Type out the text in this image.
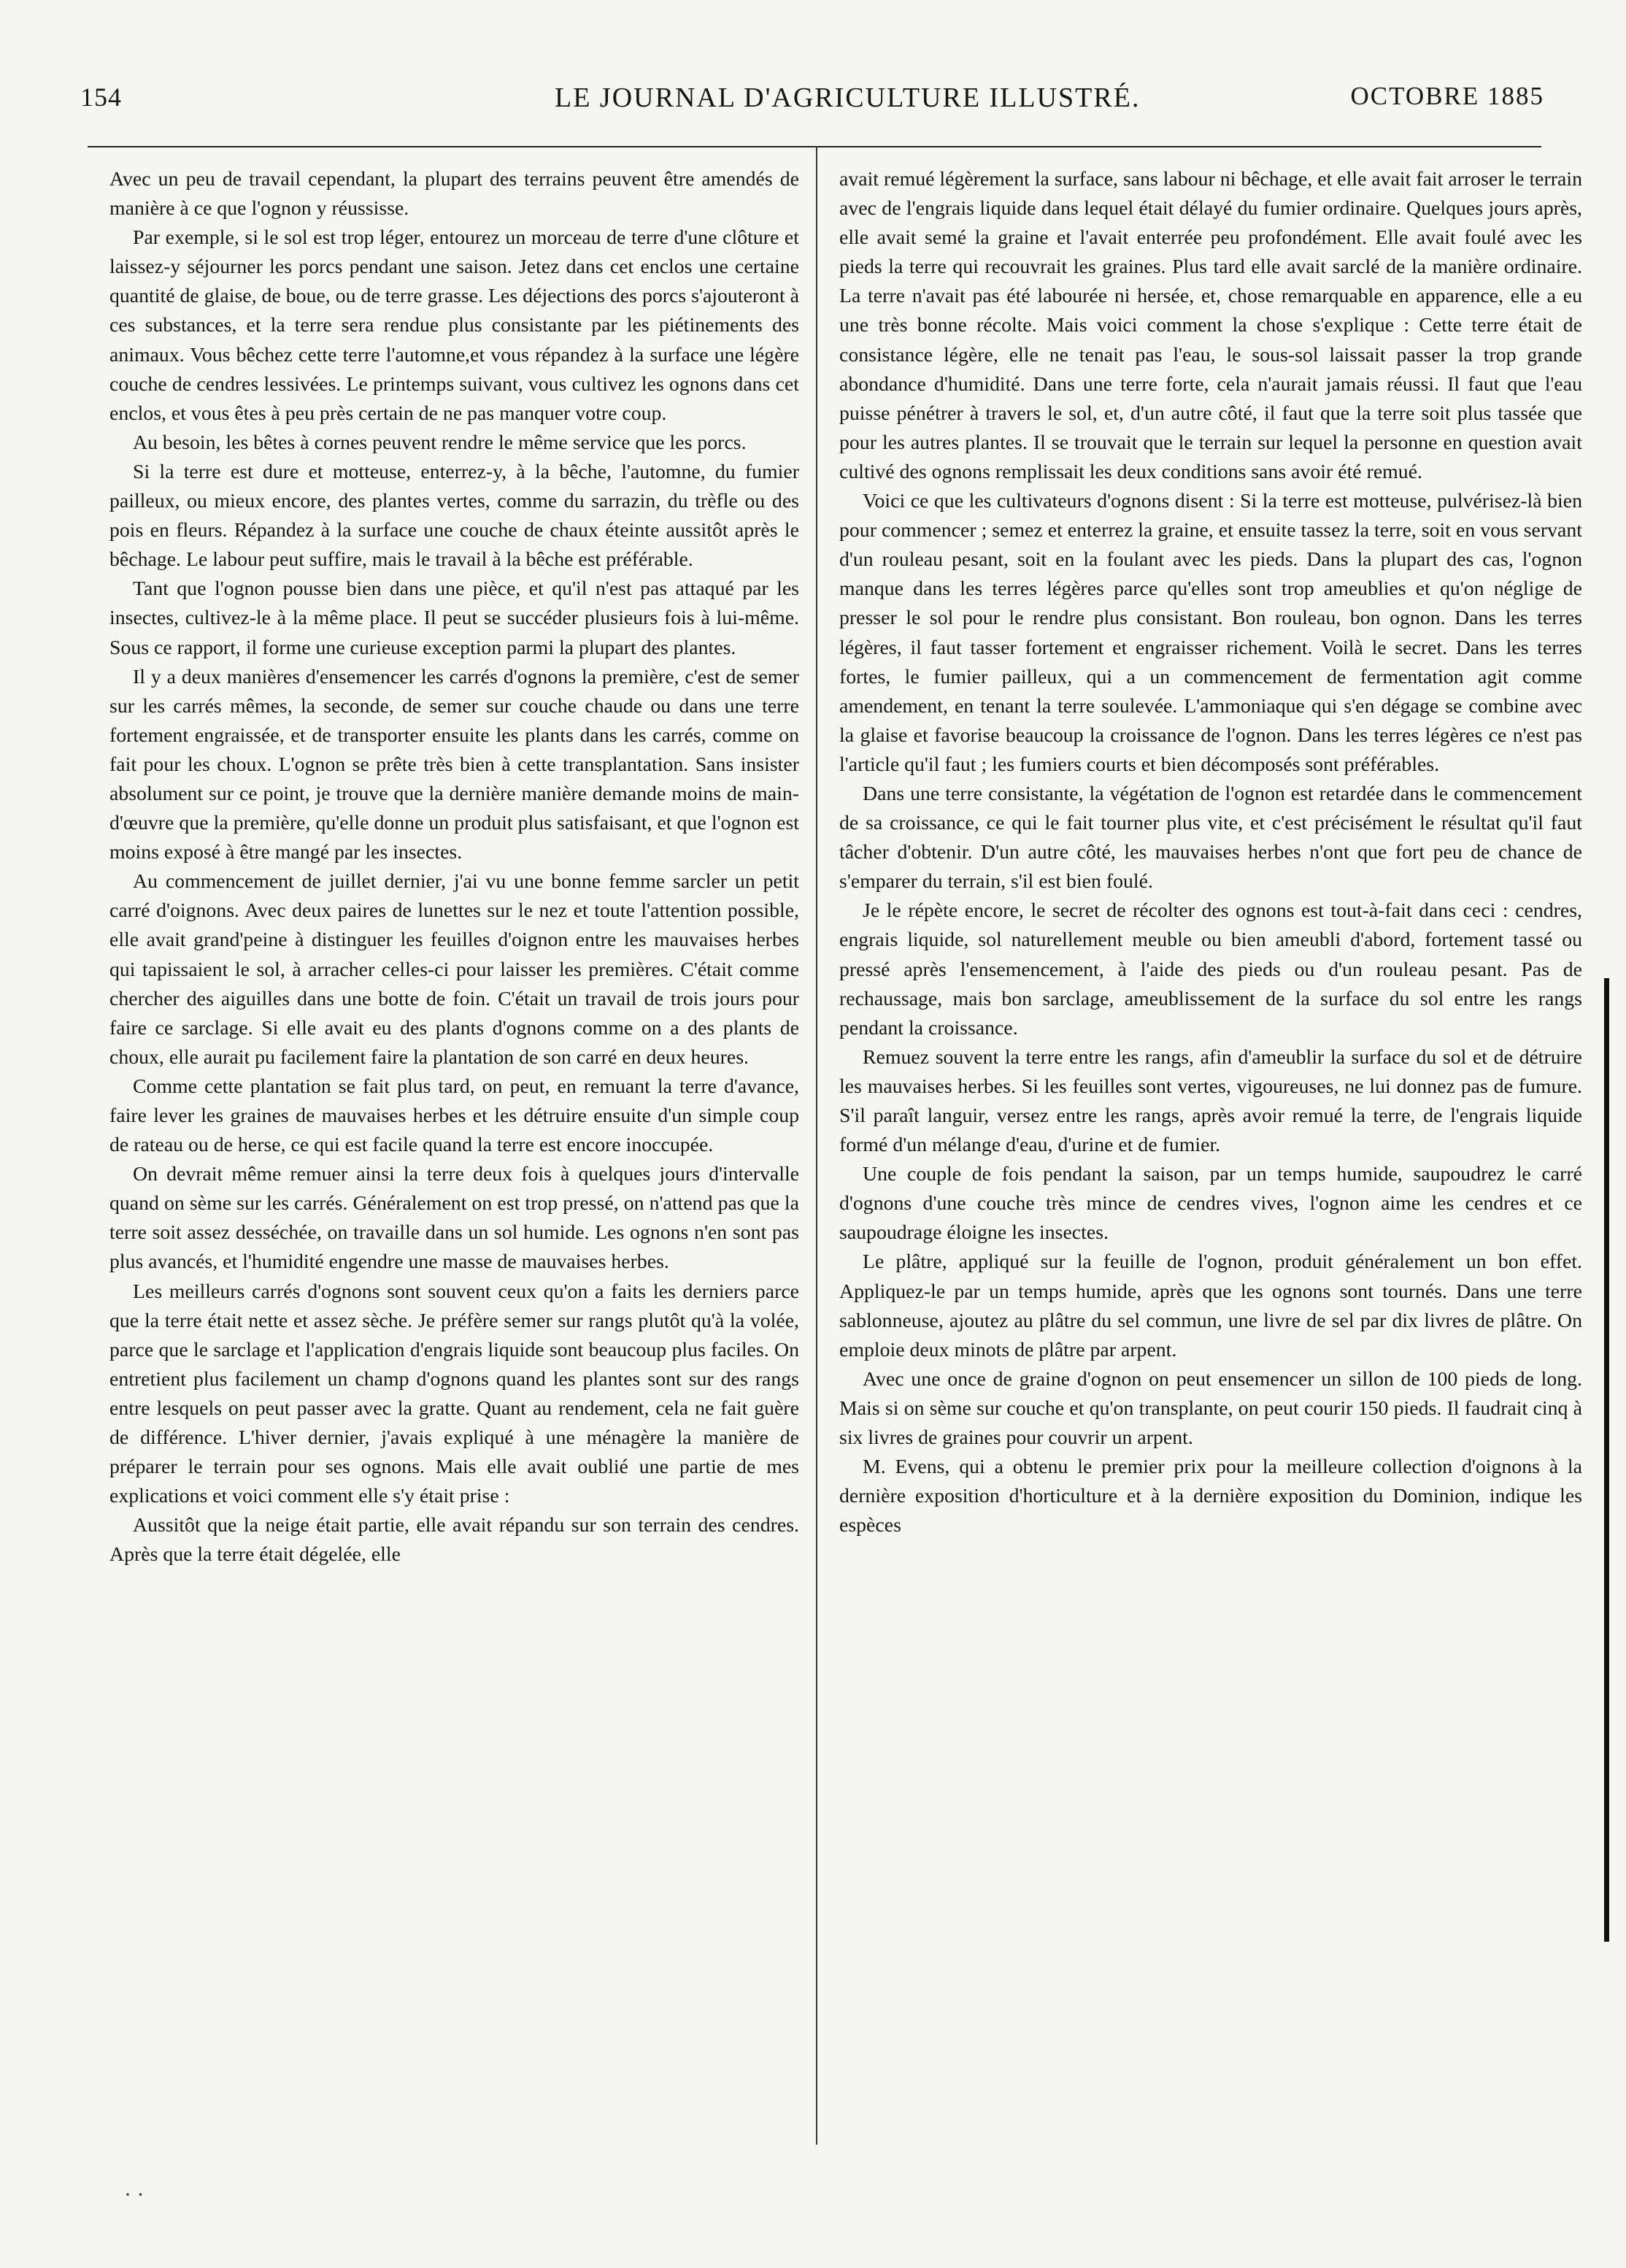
154	LE JOURNAL D'AGRICULTURE ILLUSTRÉ.	OCTOBRE 1885

Avec un peu de travail cependant, la plupart des terrains peuvent être amendés de manière à ce que l'ognon y réussisse.

Par exemple, si le sol est trop léger, entourez un morceau de terre d'une clôture et laissez-y séjourner les porcs pendant une saison. Jetez dans cet enclos une certaine quantité de glaise, de boue, ou de terre grasse. Les déjections des porcs s'ajouteront à ces substances, et la terre sera rendue plus consistante par les piétinements des animaux. Vous bêchez cette terre l'automne,et vous répandez à la surface une légère couche de cendres lessivées. Le printemps suivant, vous cultivez les ognons dans cet enclos, et vous êtes à peu près certain de ne pas manquer votre coup.

Au besoin, les bêtes à cornes peuvent rendre le même service que les porcs.

Si la terre est dure et motteuse, enterrez-y, à la bêche, l'automne, du fumier pailleux, ou mieux encore, des plantes vertes, comme du sarrazin, du trèfle ou des pois en fleurs. Répandez à la surface une couche de chaux éteinte aussitôt après le bêchage. Le labour peut suffire, mais le travail à la bêche est préférable.

Tant que l'ognon pousse bien dans une pièce, et qu'il n'est pas attaqué par les insectes, cultivez-le à la même place. Il peut se succéder plusieurs fois à lui-même. Sous ce rapport, il forme une curieuse exception parmi la plupart des plantes.

Il y a deux manières d'ensemencer les carrés d'ognons la première, c'est de semer sur les carrés mêmes, la seconde, de semer sur couche chaude ou dans une terre fortement engraissée, et de transporter ensuite les plants dans les carrés, comme on fait pour les choux. L'ognon se prête très bien à cette transplantation. Sans insister absolument sur ce point, je trouve que la dernière manière demande moins de main-d'œuvre que la première, qu'elle donne un produit plus satisfaisant, et que l'ognon est moins exposé à être mangé par les insectes.

Au commencement de juillet dernier, j'ai vu une bonne femme sarcler un petit carré d'oignons. Avec deux paires de lunettes sur le nez et toute l'attention possible, elle avait grand'peine à distinguer les feuilles d'oignon entre les mauvaises herbes qui tapissaient le sol, à arracher celles-ci pour laisser les premières. C'était comme chercher des aiguilles dans une botte de foin. C'était un travail de trois jours pour faire ce sarclage. Si elle avait eu des plants d'ognons comme on a des plants de choux, elle aurait pu facilement faire la plantation de son carré en deux heures.

Comme cette plantation se fait plus tard, on peut, en remuant la terre d'avance, faire lever les graines de mauvaises herbes et les détruire ensuite d'un simple coup de rateau ou de herse, ce qui est facile quand la terre est encore inoccupée.

On devrait même remuer ainsi la terre deux fois à quelques jours d'intervalle quand on sème sur les carrés. Généralement on est trop pressé, on n'attend pas que la terre soit assez desséchée, on travaille dans un sol humide. Les ognons n'en sont pas plus avancés, et l'humidité engendre une masse de mauvaises herbes.

Les meilleurs carrés d'ognons sont souvent ceux qu'on a faits les derniers parce que la terre était nette et assez sèche. Je préfère semer sur rangs plutôt qu'à la volée, parce que le sarclage et l'application d'engrais liquide sont beaucoup plus faciles. On entretient plus facilement un champ d'ognons quand les plantes sont sur des rangs entre lesquels on peut passer avec la gratte. Quant au rendement, cela ne fait guère de différence. L'hiver dernier, j'avais expliqué à une ménagère la manière de préparer le terrain pour ses ognons. Mais elle avait oublié une partie de mes explications et voici comment elle s'y était prise :

Aussitôt que la neige était partie, elle avait répandu sur son terrain des cendres. Après que la terre était dégelée, elle

avait remué légèrement la surface, sans labour ni bêchage, et elle avait fait arroser le terrain avec de l'engrais liquide dans lequel était délayé du fumier ordinaire. Quelques jours après, elle avait semé la graine et l'avait enterrée peu profondément. Elle avait foulé avec les pieds la terre qui recouvrait les graines. Plus tard elle avait sarclé de la manière ordinaire. La terre n'avait pas été labourée ni hersée, et, chose remarquable en apparence, elle a eu une très bonne récolte. Mais voici comment la chose s'explique : Cette terre était de consistance légère, elle ne tenait pas l'eau, le sous-sol laissait passer la trop grande abondance d'humidité. Dans une terre forte, cela n'aurait jamais réussi. Il faut que l'eau puisse pénétrer à travers le sol, et, d'un autre côté, il faut que la terre soit plus tassée que pour les autres plantes. Il se trouvait que le terrain sur lequel la personne en question avait cultivé des ognons remplissait les deux conditions sans avoir été remué.

Voici ce que les cultivateurs d'ognons disent : Si la terre est motteuse, pulvérisez-là bien pour commencer ; semez et enterrez la graine, et ensuite tassez la terre, soit en vous servant d'un rouleau pesant, soit en la foulant avec les pieds. Dans la plupart des cas, l'ognon manque dans les terres légères parce qu'elles sont trop ameublies et qu'on néglige de presser le sol pour le rendre plus consistant. Bon rouleau, bon ognon. Dans les terres légères, il faut tasser fortement et engraisser richement. Voilà le secret. Dans les terres fortes, le fumier pailleux, qui a un commencement de fermentation agit comme amendement, en tenant la terre soulevée. L'ammoniaque qui s'en dégage se combine avec la glaise et favorise beaucoup la croissance de l'ognon. Dans les terres légères ce n'est pas l'article qu'il faut ; les fumiers courts et bien décomposés sont préférables.

Dans une terre consistante, la végétation de l'ognon est retardée dans le commencement de sa croissance, ce qui le fait tourner plus vite, et c'est précisément le résultat qu'il faut tâcher d'obtenir. D'un autre côté, les mauvaises herbes n'ont que fort peu de chance de s'emparer du terrain, s'il est bien foulé.

Je le répète encore, le secret de récolter des ognons est tout-à-fait dans ceci : cendres, engrais liquide, sol naturellement meuble ou bien ameubli d'abord, fortement tassé ou pressé après l'ensemencement, à l'aide des pieds ou d'un rouleau pesant. Pas de rechaussage, mais bon sarclage, ameublissement de la surface du sol entre les rangs pendant la croissance.

Remuez souvent la terre entre les rangs, afin d'ameublir la surface du sol et de détruire les mauvaises herbes. Si les feuilles sont vertes, vigoureuses, ne lui donnez pas de fumure. S'il paraît languir, versez entre les rangs, après avoir remué la terre, de l'engrais liquide formé d'un mélange d'eau, d'urine et de fumier.

Une couple de fois pendant la saison, par un temps humide, saupoudrez le carré d'ognons d'une couche très mince de cendres vives, l'ognon aime les cendres et ce saupoudrage éloigne les insectes.

Le plâtre, appliqué sur la feuille de l'ognon, produit généralement un bon effet. Appliquez-le par un temps humide, après que les ognons sont tournés. Dans une terre sablonneuse, ajoutez au plâtre du sel commun, une livre de sel par dix livres de plâtre. On emploie deux minots de plâtre par arpent.

Avec une once de graine d'ognon on peut ensemencer un sillon de 100 pieds de long. Mais si on sème sur couche et qu'on transplante, on peut courir 150 pieds. Il faudrait cinq à six livres de graines pour couvrir un arpent.

M. Evens, qui a obtenu le premier prix pour la meilleure collection d'oignons à la dernière exposition d'horticulture et à la dernière exposition du Dominion, indique les espèces

· ·
